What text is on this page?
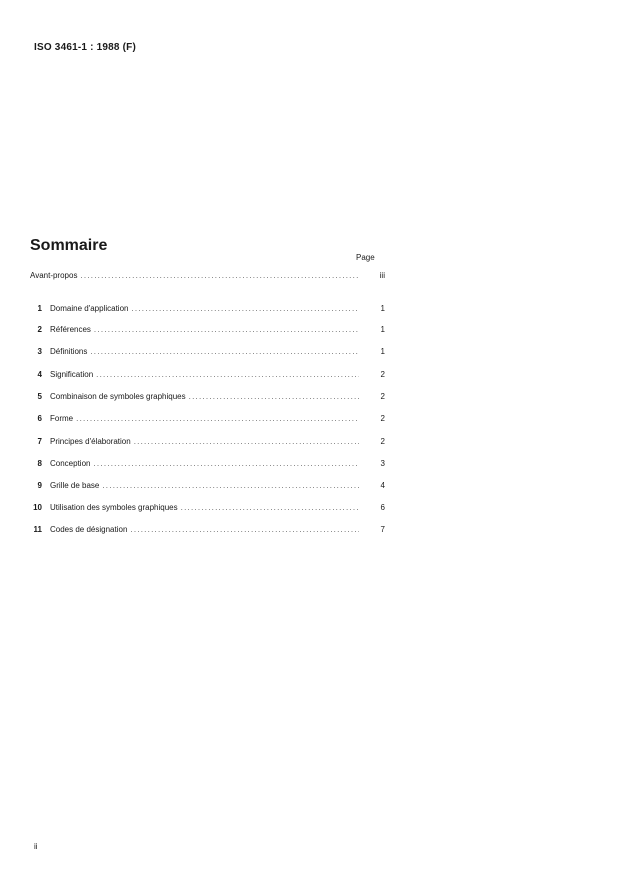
ISO 3461-1 : 1988 (F)
Sommaire
Page
Avant-propos . . .	iii
1	Domaine d'application . . .	1
2	Références . . .	1
3	Définitions . . .	1
4	Signification . . .	2
5	Combinaison de symboles graphiques . . .	2
6	Forme . . .	2
7	Principes d'élaboration . . .	2
8	Conception . . .	3
9	Grille de base . . .	4
10	Utilisation des symboles graphiques . . .	6
11	Codes de désignation . . .	7
ii
